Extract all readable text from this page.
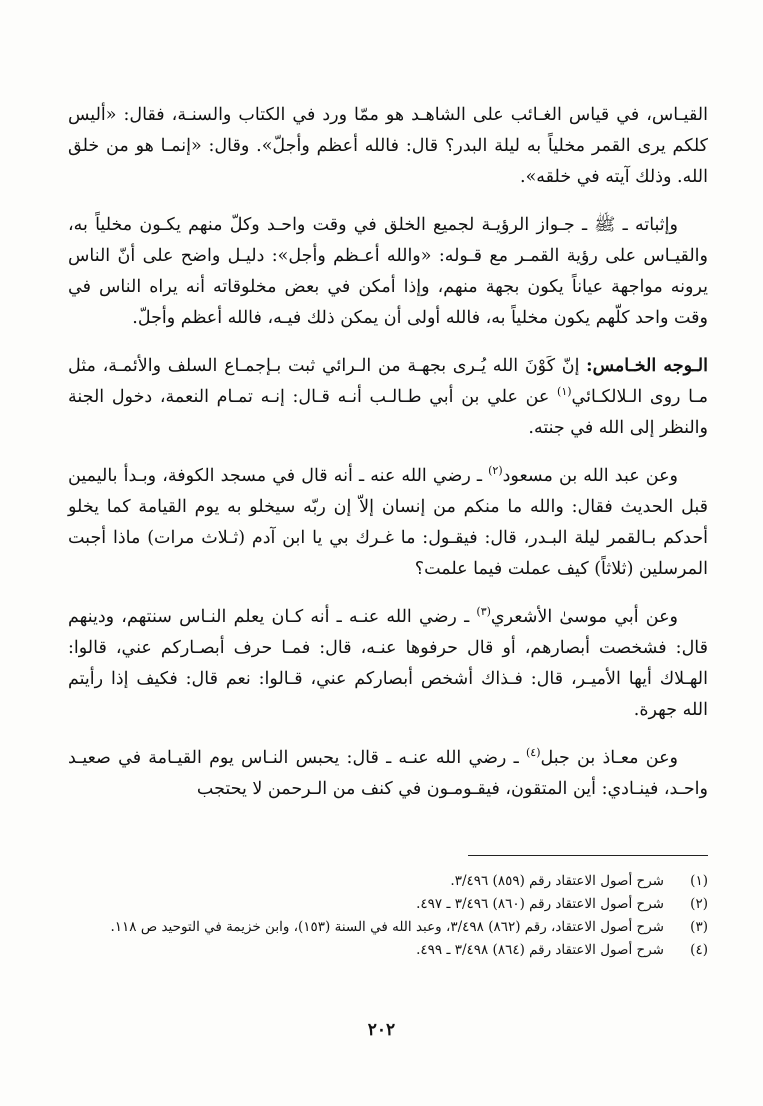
القيـاس، في قياس الغـائب على الشاهـد هو ممّا ورد في الكتاب والسنـة، فقال: «أليس كلكم يرى القمر مخلياً به ليلة البدر؟ قال: فالله أعظم وأجلّ». وقال: «إنمـا هو من خلق الله. وذلك آيته في خلقه».

وإثباته ـ ﷺ ـ جـواز الرؤيـة لجميع الخلق في وقت واحـد وكلّ منهم يكـون مخلياً به، والقيـاس على رؤية القمـر مع قـوله: «والله أعـظم وأجل»: دليـل واضح على أنّ الناس يرونه مواجهة عياناً يكون بجهة منهم، وإذا أمكن في بعض مخلوقاته أنه يراه الناس في وقت واحد كلّهم يكون مخلياً به، فالله أولى أن يمكن ذلك فيـه، فالله أعظم وأجلّ.

الـوجه الخـامس: إنّ كَوْنَ الله يُـرى بجهـة من الـرائي ثبت بـإجمـاع السلف والأئمـة، مثل مـا روى الـلالكـائي$^{(١)}$ عن علي بن أبي طـالـب أنـه قـال: إنـه تمـام النعمة، دخول الجنة والنظر إلى الله في جنته.

وعن عبد الله بن مسعود$^{(٢)}$ ـ رضي الله عنه ـ أنه قال في مسجد الكوفة، وبـدأ باليمين قبل الحديث فقال: والله ما منكم من إنسان إلاّ إن ربّه سيخلو به يوم القيامة كما يخلو أحدكم بـالقمر ليلة البـدر، قال: فيقـول: ما غـرك بي يا ابن آدم (ثـلاث مرات) ماذا أجبت المرسلين (ثلاثاً) كيف عملت فيما علمت؟

وعن أبي موسىٰ الأشعري$^{(٣)}$ ـ رضي الله عنـه ـ أنه كـان يعلم النـاس سنتهم، ودينهم قال: فشخصت أبصارهم، أو قال حرفوها عنـه، قال: فمـا حرف أبصـاركم عني، قالوا: الهـلاك أيها الأميـر، قال: فـذاك أشخص أبصاركم عني، قـالوا: نعم قال: فكيف إذا رأيتم الله جهرة.

وعن معـاذ بن جبل$^{(٤)}$ ـ رضي الله عنـه ـ قال: يحبس النـاس يوم القيـامة في صعيـد واحـد، فينـادي: أين المتقون، فيقـومـون في كنف من الـرحمن لا يحتجب

(١)
شرح أصول الاعتقاد رقم (٨٥٩) ٣/٤٩٦.
(٢)
شرح أصول الاعتقاد رقم (٨٦٠) ٣/٤٩٦ ـ ٤٩٧.
(٣)
شرح أصول الاعتقاد، رقم (٨٦٢) ٣/٤٩٨، وعبد الله في السنة (١٥٣)، وابن خزيمة في التوحيد ص ١١٨.
(٤)
شرح أصول الاعتقاد رقم (٨٦٤) ٣/٤٩٨ ـ ٤٩٩.
٢٠٢
